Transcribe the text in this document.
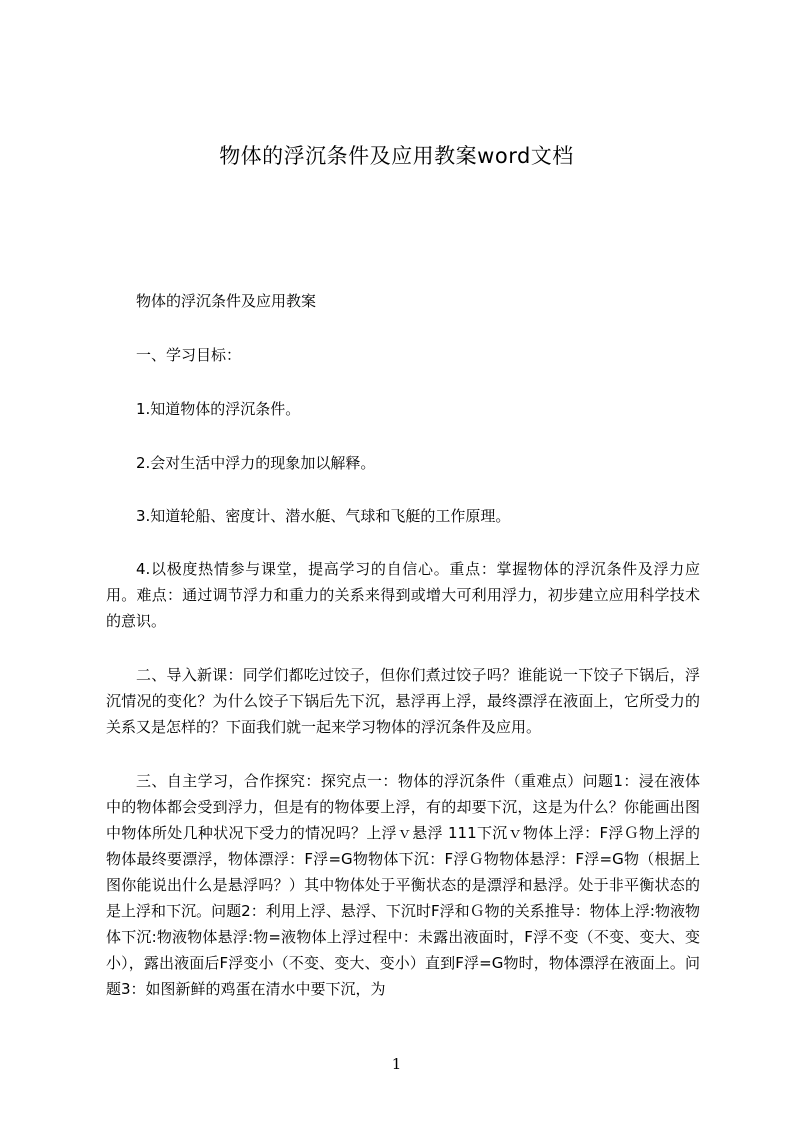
物体的浮沉条件及应用教案word文档

物体的浮沉条件及应用教案

一、学习目标：

1.知道物体的浮沉条件。

2.会对生活中浮力的现象加以解释。

3.知道轮船、密度计、潜水艇、气球和飞艇的工作原理。

4.以极度热情参与课堂，提高学习的自信心。重点：掌握物体的浮沉条件及浮力应用。难点：通过调节浮力和重力的关系来得到或增大可利用浮力，初步建立应用科学技术的意识。

二、导入新课：同学们都吃过饺子，但你们煮过饺子吗？谁能说一下饺子下锅后，浮沉情况的变化？为什么饺子下锅后先下沉，悬浮再上浮，最终漂浮在液面上，它所受力的关系又是怎样的？下面我们就一起来学习物体的浮沉条件及应用。

三、自主学习，合作探究：探究点一：物体的浮沉条件（重难点）问题1：浸在液体中的物体都会受到浮力，但是有的物体要上浮，有的却要下沉，这是为什么？你能画出图中物体所处几种状况下受力的情况吗？上浮ｖ悬浮 111下沉ｖ物体上浮：F浮Ｇ物上浮的物体最终要漂浮，物体漂浮：F浮=G物物体下沉：F浮Ｇ物物体悬浮：F浮=G物（根据上图你能说出什么是悬浮吗？）其中物体处于平衡状态的是漂浮和悬浮。处于非平衡状态的是上浮和下沉。问题2：利用上浮、悬浮、下沉时F浮和Ｇ物的关系推导：物体上浮:物液物体下沉:物液物体悬浮:物=液物体上浮过程中：未露出液面时，F浮不变（不变、变大、变小），露出液面后F浮变小（不变、变大、变小）直到F浮=G物时，物体漂浮在液面上。问题3：如图新鲜的鸡蛋在清水中要下沉，为

1
